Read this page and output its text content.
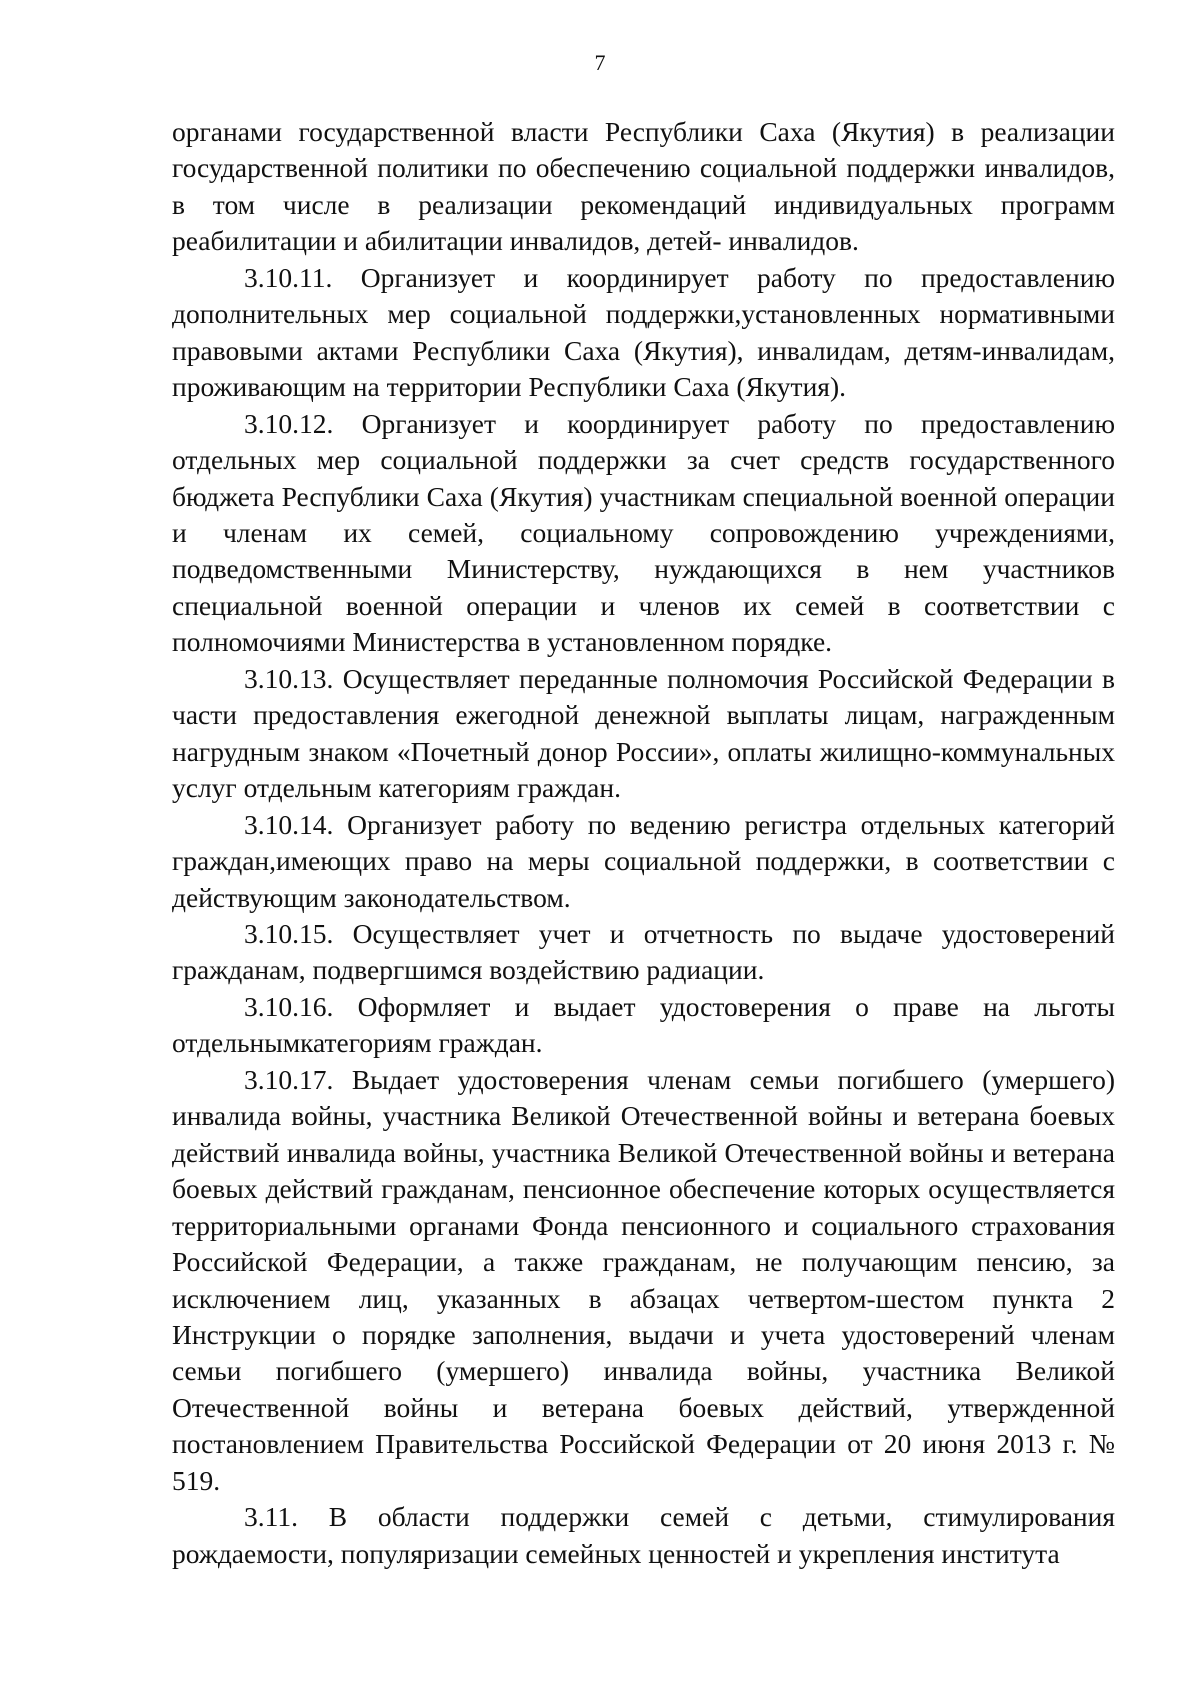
7

органами государственной власти Республики Саха (Якутия) в реализации государственной политики по обеспечению социальной поддержки инвалидов, в том числе в реализации рекомендаций индивидуальных программ реабилитации и абилитации инвалидов, детей- инвалидов.

3.10.11. Организует и координирует работу по предоставлению дополнительных мер социальной поддержки,установленных нормативными правовыми актами Республики Саха (Якутия), инвалидам, детям-инвалидам, проживающим на территории Республики Саха (Якутия).

3.10.12. Организует и координирует работу по предоставлению отдельных мер социальной поддержки за счет средств государственного бюджета Республики Саха (Якутия) участникам специальной военной операции и членам их семей, социальному сопровождению учреждениями, подведомственными Министерству, нуждающихся в нем участников специальной военной операции и членов их семей в соответствии с полномочиями Министерства в установленном порядке.

3.10.13. Осуществляет переданные полномочия Российской Федерации в части предоставления ежегодной денежной выплаты лицам, награжденным нагрудным знаком «Почетный донор России», оплаты жилищно-коммунальных услуг отдельным категориям граждан.

3.10.14. Организует работу по ведению регистра отдельных категорий граждан,имеющих право на меры социальной поддержки, в соответствии с действующим законодательством.

3.10.15. Осуществляет учет и отчетность по выдаче удостоверений гражданам, подвергшимся воздействию радиации.

3.10.16. Оформляет и выдает удостоверения о праве на льготы отдельнымкатегориям граждан.

3.10.17. Выдает удостоверения членам семьи погибшего (умершего) инвалида войны, участника Великой Отечественной войны и ветерана боевых действий инвалида войны, участника Великой Отечественной войны и ветерана боевых действий гражданам, пенсионное обеспечение которых осуществляется территориальными органами Фонда пенсионного и социального страхования Российской Федерации, а также гражданам, не получающим пенсию, за исключением лиц, указанных в абзацах четвертом-шестом пункта 2 Инструкции о порядке заполнения, выдачи и учета удостоверений членам семьи погибшего (умершего) инвалида войны, участника Великой Отечественной войны и ветерана боевых действий, утвержденной постановлением Правительства Российской Федерации от 20 июня 2013 г. № 519.

3.11. В области поддержки семей с детьми, стимулирования рождаемости, популяризации семейных ценностей и укрепления института
